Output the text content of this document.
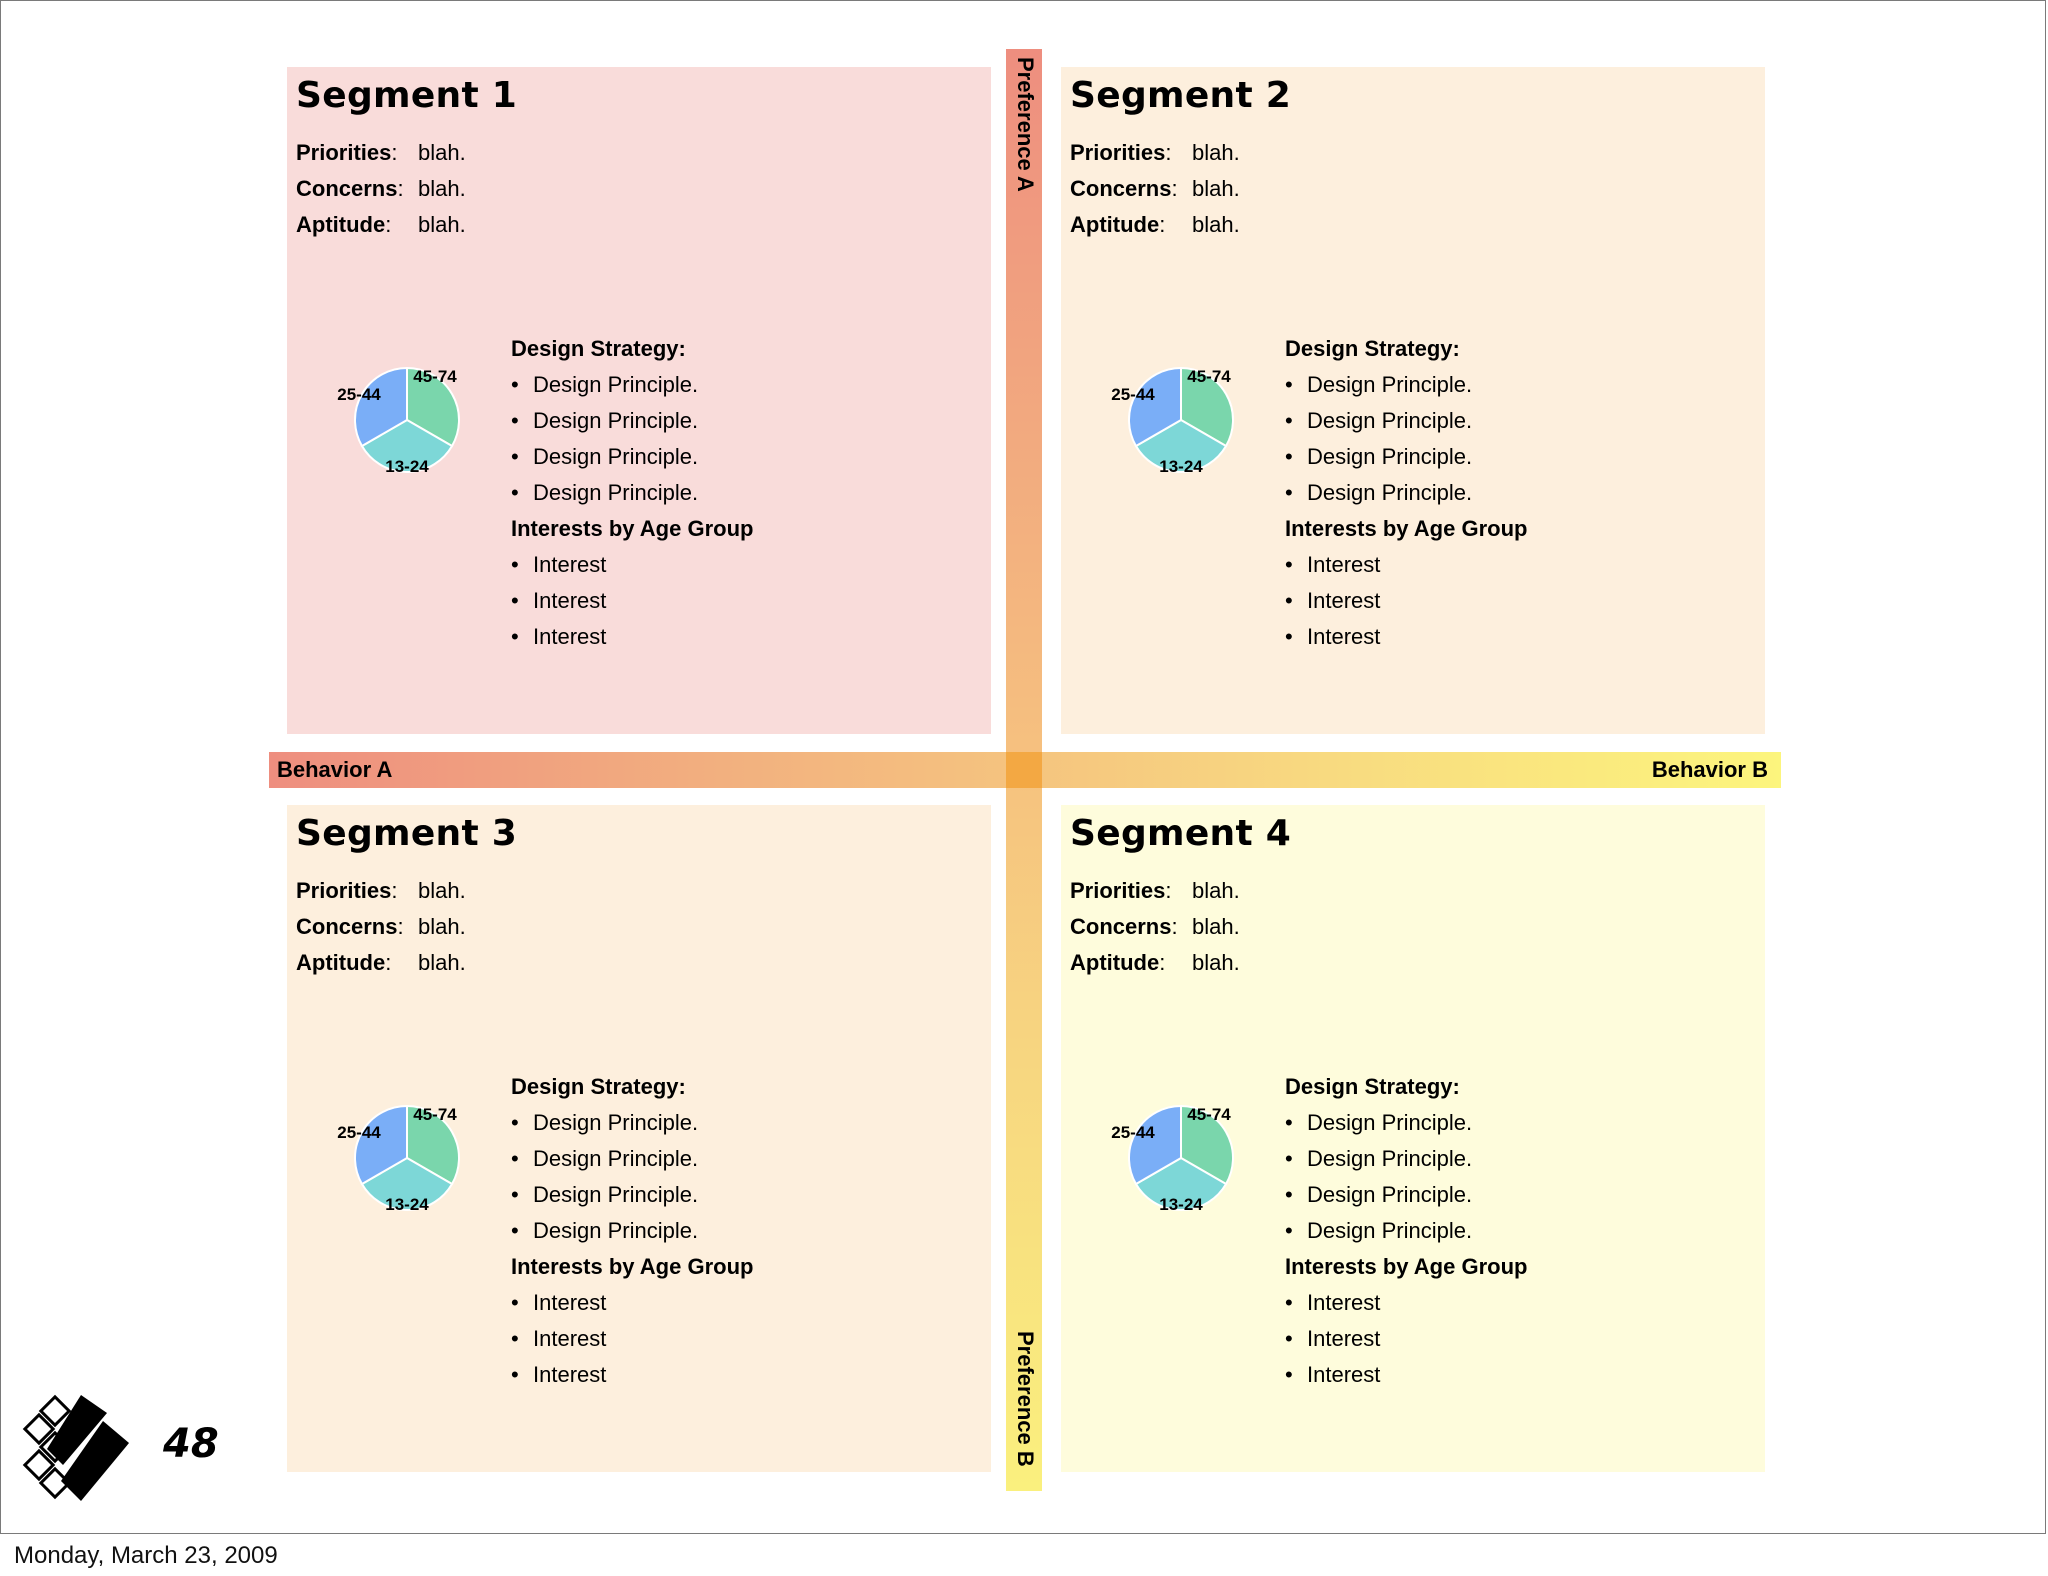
Preference A
Preference B
Behavior A	Behavior B
Segment 1
Priorities: blah.
Concerns: blah.
Aptitude: blah.
45-74
13-24
25-44
Design Strategy:
• Design Principle.
• Design Principle.
• Design Principle.
• Design Principle.
Interests by Age Group
• Interest
• Interest
• Interest
Segment 2
Priorities: blah.
Concerns: blah.
Aptitude: blah.
45-74
13-24
25-44
Design Strategy:
• Design Principle.
• Design Principle.
• Design Principle.
• Design Principle.
Interests by Age Group
• Interest
• Interest
• Interest
Segment 3
Priorities: blah.
Concerns: blah.
Aptitude: blah.
45-74
13-24
25-44
Design Strategy:
• Design Principle.
• Design Principle.
• Design Principle.
• Design Principle.
Interests by Age Group
• Interest
• Interest
• Interest
Segment 4
Priorities: blah.
Concerns: blah.
Aptitude: blah.
45-74
13-24
25-44
Design Strategy:
• Design Principle.
• Design Principle.
• Design Principle.
• Design Principle.
Interests by Age Group
• Interest
• Interest
• Interest
48
Monday, March 23, 2009
